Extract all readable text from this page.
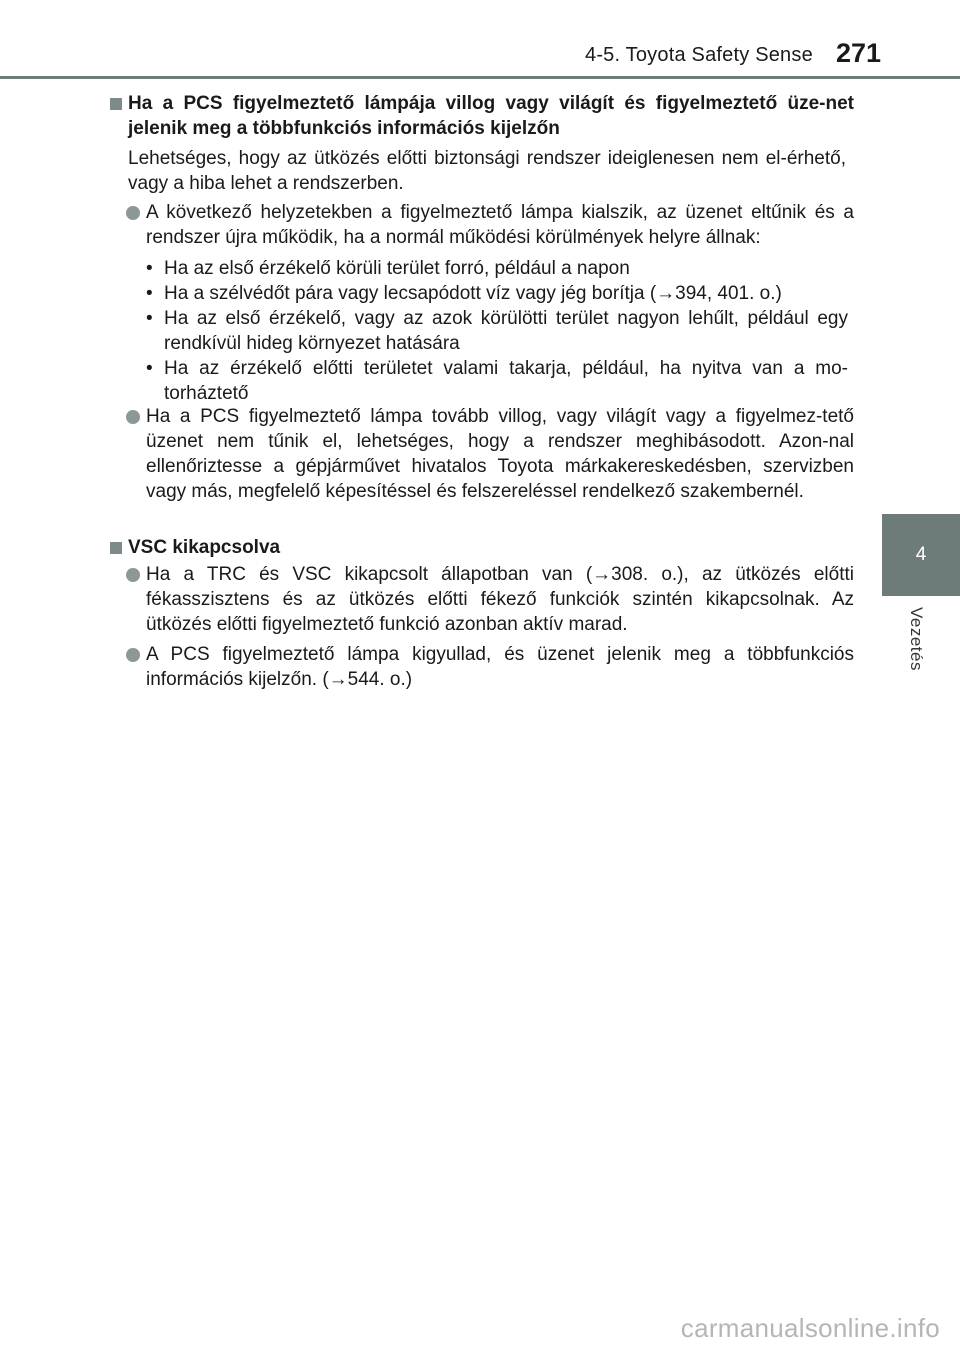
4-5. Toyota Safety Sense 271
4
Vezetés
Ha a PCS figyelmeztető lámpája villog vagy világít és figyelmeztető üze-net jelenik meg a többfunkciós információs kijelzőn
Lehetséges, hogy az ütközés előtti biztonsági rendszer ideiglenesen nem el-érhető, vagy a hiba lehet a rendszerben.
A következő helyzetekben a figyelmeztető lámpa kialszik, az üzenet eltűnik és a rendszer újra működik, ha a normál működési körülmények helyre állnak:
• Ha az első érzékelő körüli terület forró, például a napon
• Ha a szélvédőt pára vagy lecsapódott víz vagy jég borítja (→394, 401. o.)
• Ha az első érzékelő, vagy az azok körülötti terület nagyon lehűlt, például egy rendkívül hideg környezet hatására
• Ha az érzékelő előtti területet valami takarja, például, ha nyitva van a mo-torháztető
Ha a PCS figyelmeztető lámpa tovább villog, vagy világít vagy a figyelmez-tető üzenet nem tűnik el, lehetséges, hogy a rendszer meghibásodott. Azon-nal ellenőriztesse a gépjárművet hivatalos Toyota márkakereskedésben, szervizben vagy más, megfelelő képesítéssel és felszereléssel rendelkező szakembernél.
VSC kikapcsolva
Ha a TRC és VSC kikapcsolt állapotban van (→308. o.), az ütközés előtti fékasszisztens és az ütközés előtti fékező funkciók szintén kikapcsolnak. Az ütközés előtti figyelmeztető funkció azonban aktív marad.
A PCS figyelmeztető lámpa kigyullad, és üzenet jelenik meg a többfunkciós információs kijelzőn. (→544. o.)
carmanualsonline.info
